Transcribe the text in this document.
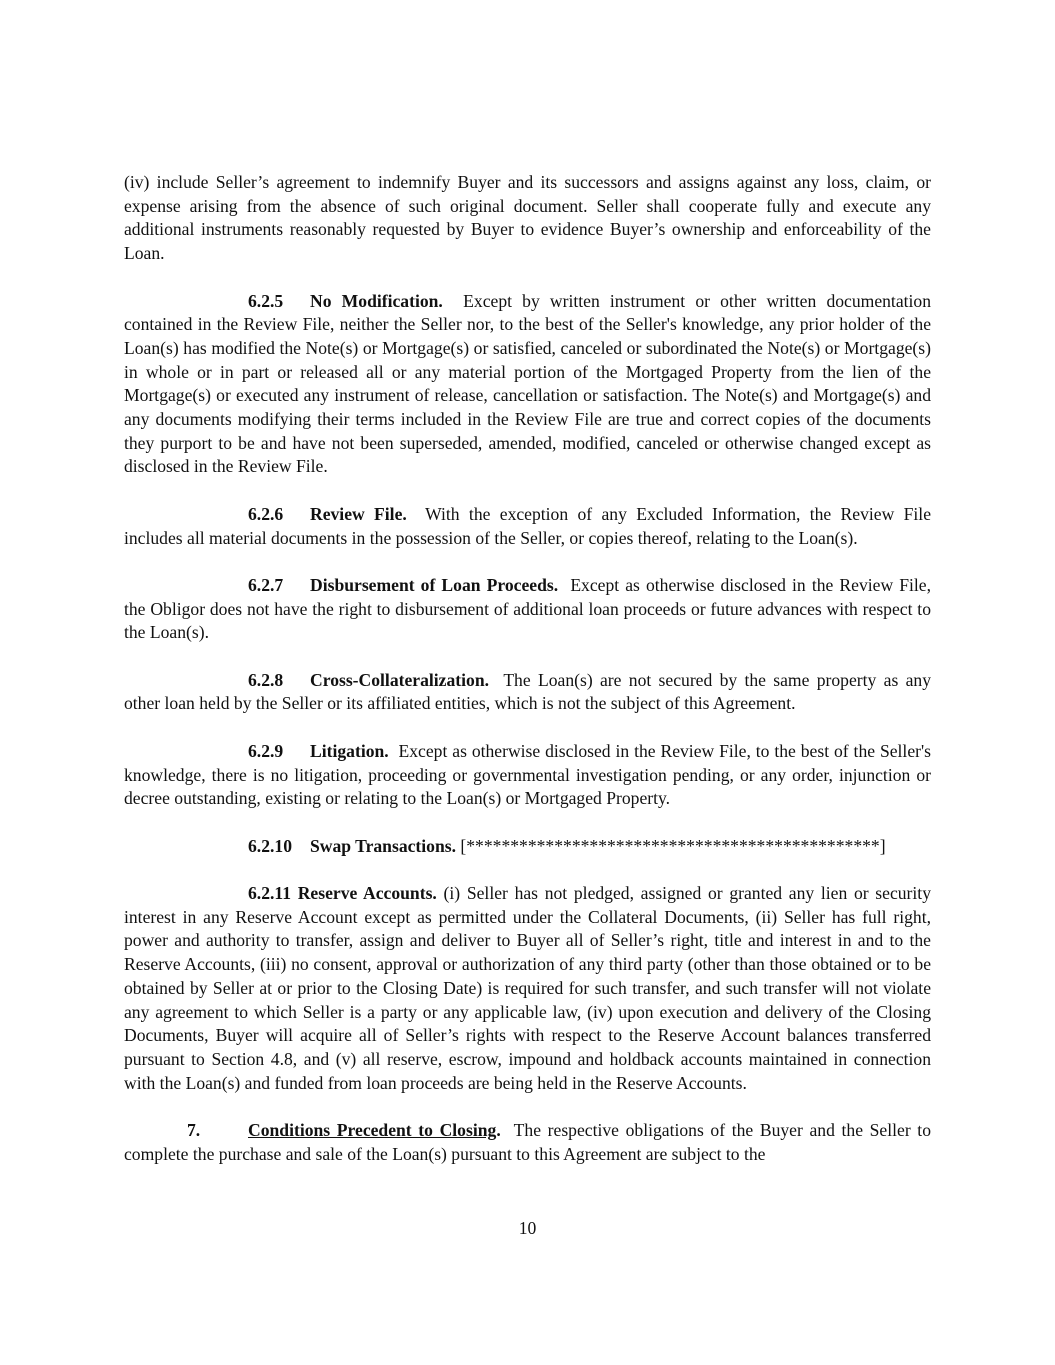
(iv) include Seller’s agreement to indemnify Buyer and its successors and assigns against any loss, claim, or expense arising from the absence of such original document. Seller shall cooperate fully and execute any additional instruments reasonably requested by Buyer to evidence Buyer’s ownership and enforceability of the Loan.

6.2.5 No Modification. Except by written instrument or other written documentation contained in the Review File, neither the Seller nor, to the best of the Seller's knowledge, any prior holder of the Loan(s) has modified the Note(s) or Mortgage(s) or satisfied, canceled or subordinated the Note(s) or Mortgage(s) in whole or in part or released all or any material portion of the Mortgaged Property from the lien of the Mortgage(s) or executed any instrument of release, cancellation or satisfaction. The Note(s) and Mortgage(s) and any documents modifying their terms included in the Review File are true and correct copies of the documents they purport to be and have not been superseded, amended, modified, canceled or otherwise changed except as disclosed in the Review File.

6.2.6 Review File. With the exception of any Excluded Information, the Review File includes all material documents in the possession of the Seller, or copies thereof, relating to the Loan(s).

6.2.7 Disbursement of Loan Proceeds. Except as otherwise disclosed in the Review File, the Obligor does not have the right to disbursement of additional loan proceeds or future advances with respect to the Loan(s).

6.2.8 Cross-Collateralization. The Loan(s) are not secured by the same property as any other loan held by the Seller or its affiliated entities, which is not the subject of this Agreement.

6.2.9 Litigation. Except as otherwise disclosed in the Review File, to the best of the Seller's knowledge, there is no litigation, proceeding or governmental investigation pending, or any order, injunction or decree outstanding, existing or relating to the Loan(s) or Mortgaged Property.

6.2.10 Swap Transactions. [***********************************************]

6.2.11 Reserve Accounts. (i) Seller has not pledged, assigned or granted any lien or security interest in any Reserve Account except as permitted under the Collateral Documents, (ii) Seller has full right, power and authority to transfer, assign and deliver to Buyer all of Seller’s right, title and interest in and to the Reserve Accounts, (iii) no consent, approval or authorization of any third party (other than those obtained or to be obtained by Seller at or prior to the Closing Date) is required for such transfer, and such transfer will not violate any agreement to which Seller is a party or any applicable law, (iv) upon execution and delivery of the Closing Documents, Buyer will acquire all of Seller’s rights with respect to the Reserve Account balances transferred pursuant to Section 4.8, and (v) all reserve, escrow, impound and holdback accounts maintained in connection with the Loan(s) and funded from loan proceeds are being held in the Reserve Accounts.

7.	Conditions Precedent to Closing. The respective obligations of the Buyer and the Seller to complete the purchase and sale of the Loan(s) pursuant to this Agreement are subject to the

10
